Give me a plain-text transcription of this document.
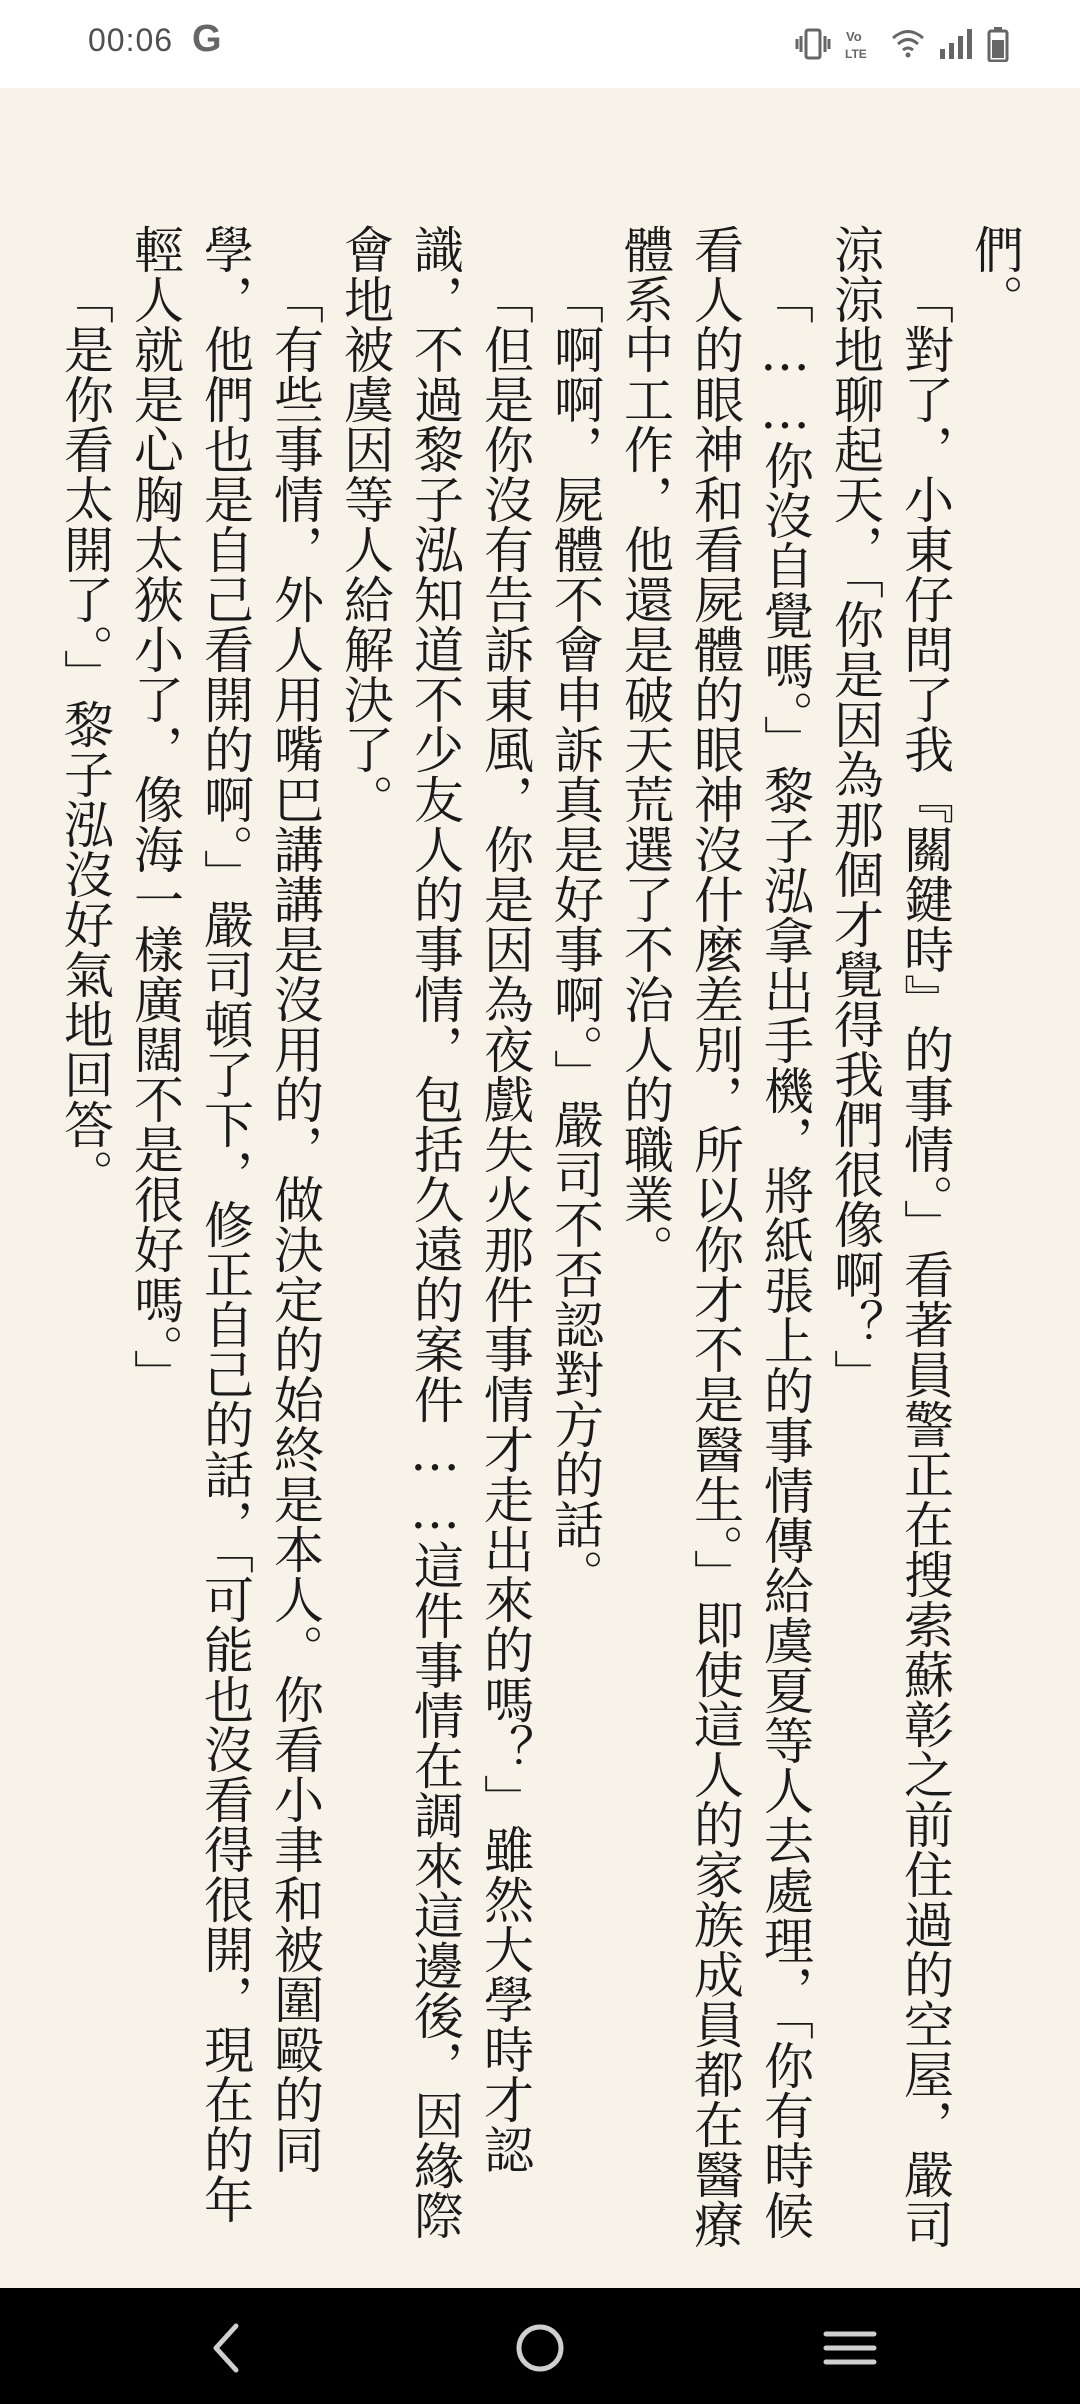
00:06 G	Vo
LTE

們。

「對了，小東仔問了我『關鍵時』的事情。」看著員警正在搜索蘇彰之前住過的空屋，嚴司涼涼地聊起天，「你是因為那個才覺得我們很像啊？」

「……你沒自覺嗎。」黎子泓拿出手機，將紙張上的事情傳給虞夏等人去處理，「你有時候看人的眼神和看屍體的眼神沒什麼差別，所以你才不是醫生。」即使這人的家族成員都在醫療體系中工作，他還是破天荒選了不治人的職業。

「啊啊，屍體不會申訴真是好事啊。」嚴司不否認對方的話。

「但是你沒有告訴東風，你是因為夜戲失火那件事情才走出來的嗎？」雖然大學時才認識，不過黎子泓知道不少友人的事情，包括久遠的案件……這件事情在調來這邊後，因緣際會地被虞因等人給解決了。

「有些事情，外人用嘴巴講講是沒用的，做決定的始終是本人。你看小聿和被圍毆的同學，他們也是自己看開的啊。」嚴司頓了下，修正自己的話，「可能也沒看得很開，現在的年輕人就是心胸太狹小了，像海一樣廣闊不是很好嗎。」

「是你看太開了。」黎子泓沒好氣地回答。
